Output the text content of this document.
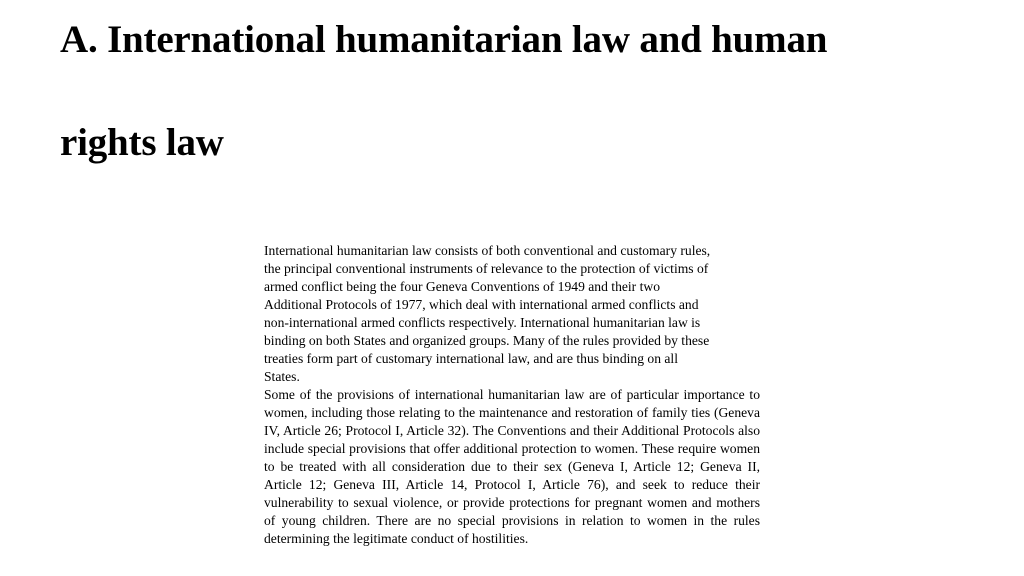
A. International humanitarian law and human
rights law

International humanitarian law consists of both conventional and customary rules,
the principal conventional instruments of relevance to the protection of victims of
armed conflict being the four Geneva Conventions of 1949 and their two
Additional Protocols of 1977, which deal with international armed conflicts and
non-international armed conflicts respectively. International humanitarian law is
binding on both States and organized groups. Many of the rules provided by these
treaties form part of customary international law, and are thus binding on all
States.

Some of the provisions of international humanitarian law are of particular importance to women, including those relating to the maintenance and restoration of family ties (Geneva IV, Article 26; Protocol I, Article 32). The Conventions and their Additional Protocols also include special provisions that offer additional protection to women. These require women to be treated with all consideration due to their sex (Geneva I, Article 12; Geneva II, Article 12; Geneva III, Article 14, Protocol I, Article 76), and seek to reduce their vulnerability to sexual violence, or provide protections for pregnant women and mothers of young children. There are no special provisions in relation to women in the rules determining the legitimate conduct of hostilities.
